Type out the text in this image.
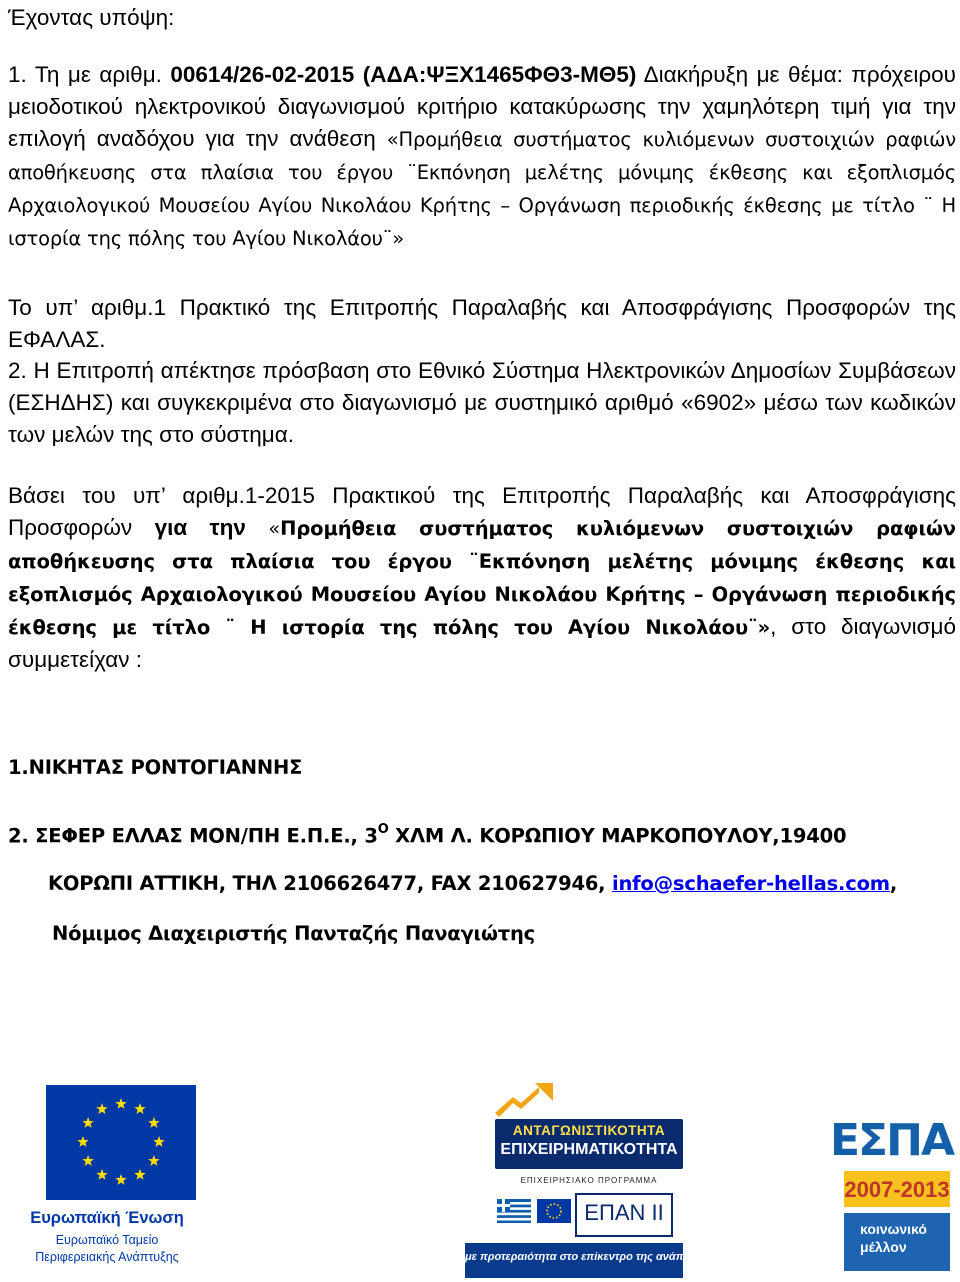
Έχοντας υπόψη:
1. Τη με αριθμ. 00614/26-02-2015 (ΑΔΑ:ΨΞΧ1465ΦΘ3-ΜΘ5) Διακήρυξη με θέμα: πρόχειρου μειοδοτικού ηλεκτρονικού διαγωνισμού κριτήριο κατακύρωσης την χαμηλότερη τιμή για την επιλογή αναδόχου για την ανάθεση «Προμήθεια συστήματος κυλιόμενων συστοιχιών ραφιών αποθήκευσης στα πλαίσια του έργου ¨Εκπόνηση μελέτης μόνιμης έκθεσης και εξοπλισμός Αρχαιολογικού Μουσείου Αγίου Νικολάου Κρήτης – Οργάνωση περιοδικής έκθεσης με τίτλο ¨ Η ιστορία της πόλης του Αγίου Νικολάου¨»
Το υπ’ αριθμ.1 Πρακτικό της Επιτροπής Παραλαβής και Αποσφράγισης Προσφορών της ΕΦΑΛΑΣ.
2. Η Επιτροπή απέκτησε πρόσβαση στο Εθνικό Σύστημα Ηλεκτρονικών Δημοσίων Συμβάσεων (ΕΣΗΔΗΣ) και συγκεκριμένα στο διαγωνισμό με συστημικό αριθμό «6902» μέσω των κωδικών των μελών της στο σύστημα.
Βάσει του υπ’ αριθμ.1-2015 Πρακτικού της Επιτροπής Παραλαβής και Αποσφράγισης Προσφορών για την «Προμήθεια συστήματος κυλιόμενων συστοιχιών ραφιών αποθήκευσης στα πλαίσια του έργου ¨Εκπόνηση μελέτης μόνιμης έκθεσης και εξοπλισμός Αρχαιολογικού Μουσείου Αγίου Νικολάου Κρήτης – Οργάνωση περιοδικής έκθεσης με τίτλο ¨ Η ιστορία της πόλης του Αγίου Νικολάου¨», στο διαγωνισμό συμμετείχαν :
1.ΝΙΚΗΤΑΣ ΡΟΝΤΟΓΙΑΝΝΗΣ
2. ΣΕΦΕΡ ΕΛΛΑΣ ΜΟΝ/ΠΗ Ε.Π.Ε., $3^O$ ΧΛΜ Λ. ΚΟΡΩΠΙΟΥ ΜΑΡΚΟΠΟΥΛΟΥ,19400
ΚΟΡΩΠΙ ΑΤΤΙΚΗ, ΤΗΛ 2106626477, FAX 210627946, info@schaefer-hellas.com,
Νόμιμος Διαχειριστής Πανταζής Παναγιώτης
Ευρωπαϊκή Ένωση
Ευρωπαϊκό Ταμείο
Περιφερειακής Ανάπτυξης
ΑΝΤΑΓΩΝΙΣΤΙΚΟΤΗΤΑ
ΕΠΙΧΕΙΡΗΜΑΤΙΚΟΤΗΤΑ
ΕΠΙΧΕΙΡΗΣΙΑΚΟ ΠΡΟΓΡΑΜΜΑ
ΕΠΑΝ ΙΙ
με προτεραιότητα στο επίκεντρο της ανάπτυξης
ΕΣΠΑ
2007-2013
κοινωνικό
μέλλον
